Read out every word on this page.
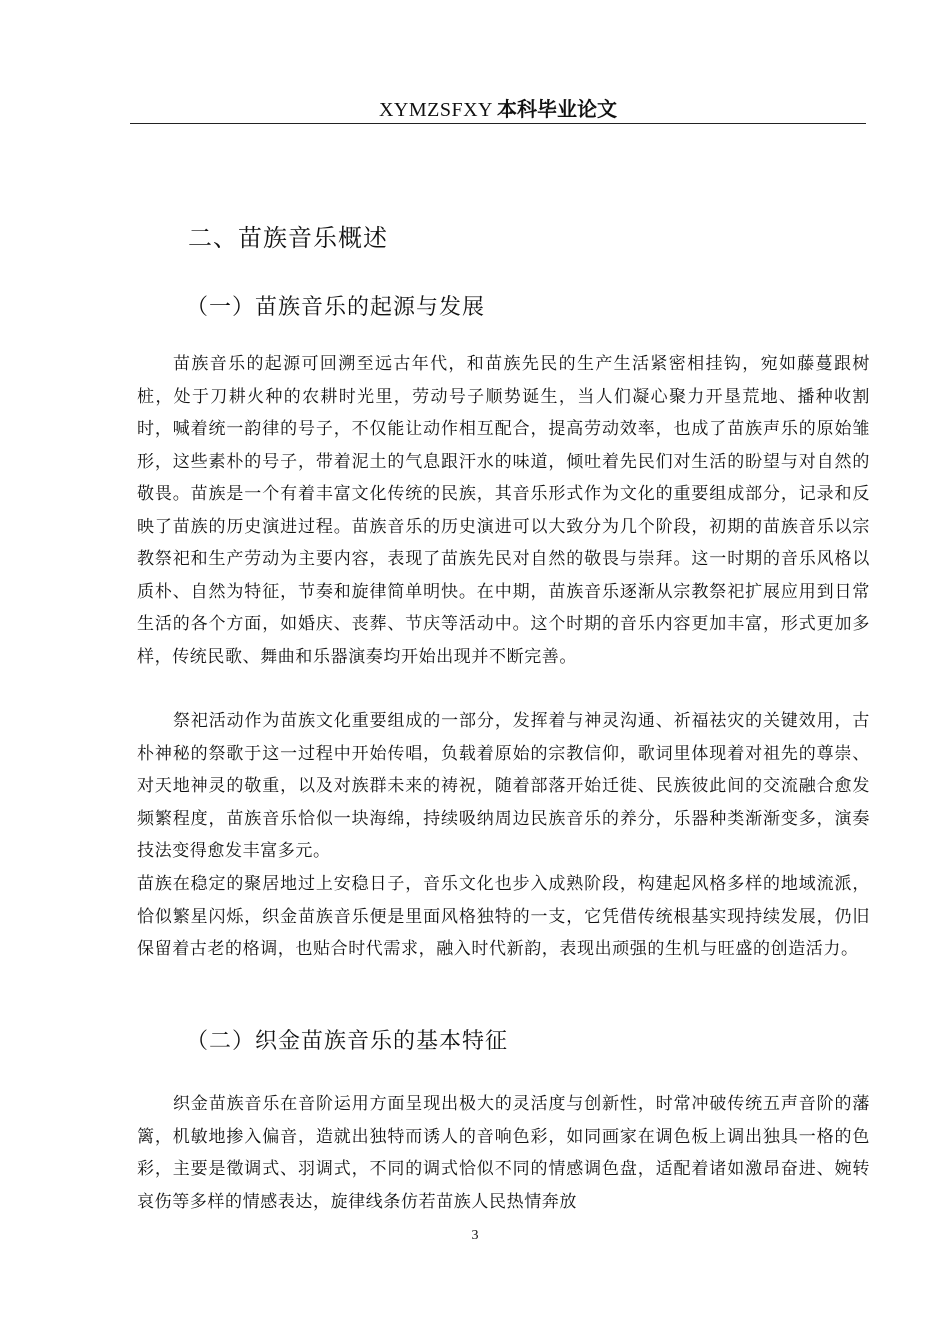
XYMZSFXY 本科毕业论文
二、苗族音乐概述
（一）苗族音乐的起源与发展

苗族音乐的起源可回溯至远古年代，和苗族先民的生产生活紧密相挂钩，宛如藤蔓跟树桩，处于刀耕火种的农耕时光里，劳动号子顺势诞生，当人们凝心聚力开垦荒地、播种收割时，喊着统一韵律的号子，不仅能让动作相互配合，提高劳动效率，也成了苗族声乐的原始雏形，这些素朴的号子，带着泥土的气息跟汗水的味道，倾吐着先民们对生活的盼望与对自然的敬畏。苗族是一个有着丰富文化传统的民族，其音乐形式作为文化的重要组成部分，记录和反映了苗族的历史演进过程。苗族音乐的历史演进可以大致分为几个阶段，初期的苗族音乐以宗教祭祀和生产劳动为主要内容，表现了苗族先民对自然的敬畏与崇拜。这一时期的音乐风格以质朴、自然为特征，节奏和旋律简单明快。在中期，苗族音乐逐渐从宗教祭祀扩展应用到日常生活的各个方面，如婚庆、丧葬、节庆等活动中。这个时期的音乐内容更加丰富，形式更加多样，传统民歌、舞曲和乐器演奏均开始出现并不断完善。

祭祀活动作为苗族文化重要组成的一部分，发挥着与神灵沟通、祈福祛灾的关键效用，古朴神秘的祭歌于这一过程中开始传唱，负载着原始的宗教信仰，歌词里体现着对祖先的尊崇、对天地神灵的敬重，以及对族群未来的祷祝，随着部落开始迁徙、民族彼此间的交流融合愈发频繁程度，苗族音乐恰似一块海绵，持续吸纳周边民族音乐的养分，乐器种类渐渐变多，演奏技法变得愈发丰富多元。

苗族在稳定的聚居地过上安稳日子，音乐文化也步入成熟阶段，构建起风格多样的地域流派，恰似繁星闪烁，织金苗族音乐便是里面风格独特的一支，它凭借传统根基实现持续发展，仍旧保留着古老的格调，也贴合时代需求，融入时代新韵，表现出顽强的生机与旺盛的创造活力。

（二）织金苗族音乐的基本特征

织金苗族音乐在音阶运用方面呈现出极大的灵活度与创新性，时常冲破传统五声音阶的藩篱，机敏地掺入偏音，造就出独特而诱人的音响色彩，如同画家在调色板上调出独具一格的色彩，主要是徵调式、羽调式，不同的调式恰似不同的情感调色盘，适配着诸如激昂奋进、婉转哀伤等多样的情感表达，旋律线条仿若苗族人民热情奔放

3
